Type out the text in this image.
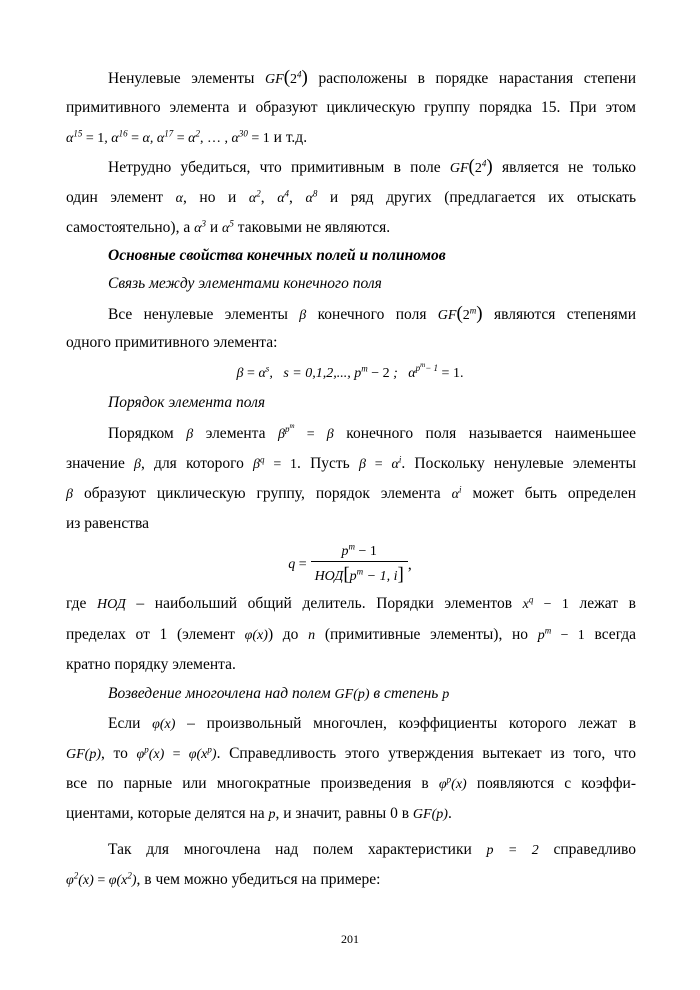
Ненулевые элементы $GF(2^4)$ расположены в порядке нарастания степени
примитивного элемента и образуют циклическую группу порядка 15. При этом
$\alpha^{15} = 1$, $\alpha^{16} = \alpha$, $\alpha^{17} = \alpha^2$, … , $\alpha^{30} = 1$ и т.д.
Нетрудно убедиться, что примитивным в поле $GF(2^4)$ является не только
один элемент α, но и $\alpha^2$, $\alpha^4$, $\alpha^8$ и ряд других (предлагается их отыскать
самостоятельно), а $\alpha^3$ и $\alpha^5$ таковыми не являются.
Основные свойства конечных полей и полиномов
Связь между элементами конечного поля
Все ненулевые элементы β конечного поля GF(2$^m$) являются степенями
одного примитивного элемента:
$\beta = \alpha^s$,   s = 0,1,2,..., $p^m - 2$ ;   $\alpha^{p^m- 1} = 1$.
Порядок элемента поля
Порядком β элемента $\beta^{p^m} = \beta$ конечного поля называется наименьшее
значение β, для которого $\beta^q = 1$. Пусть $\beta = \alpha^i$. Поскольку ненулевые элементы
β образуют циклическую группу, порядок элемента $\alpha^i$ может быть определен
из равенства
$q = \frac{p^m - 1}{НОД[p^m - 1, i]}$ ,
где НОД – наибольший общий делитель. Порядки элементов $x^q - 1$ лежат в
пределах от 1 (элемент φ(x)) до n (примитивные элементы), но $p^m - 1$ всегда
кратно порядку элемента.
Возведение многочлена над полем GF(p) в степень p
Если φ(x) – произвольный многочлен, коэффициенты которого лежат в
GF(p), то $\varphi^p(x) = \varphi(x^p)$. Справедливость этого утверждения вытекает из того, что
все по парные или многократные произведения в $\varphi^p(x)$ появляются с коэффи-
циентами, которые делятся на p, и значит, равны 0 в GF(p).
Так для многочлена над полем характеристики p = 2 справедливо
$\varphi^2(x) = \varphi(x^2)$, в чем можно убедиться на примере:
201
